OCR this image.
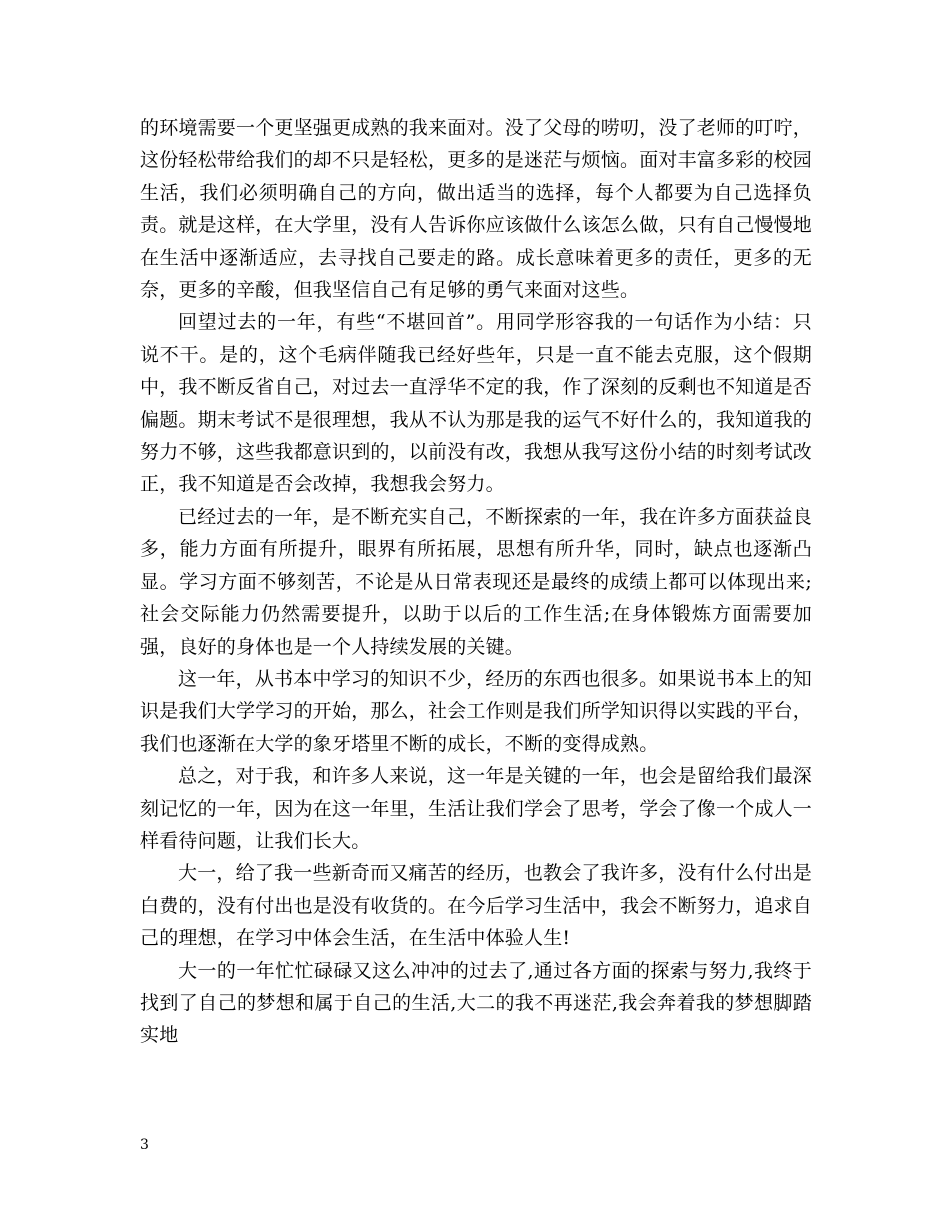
的环境需要一个更坚强更成熟的我来面对。没了父母的唠叨，没了老师的叮咛，这份轻松带给我们的却不只是轻松，更多的是迷茫与烦恼。面对丰富多彩的校园生活，我们必须明确自己的方向，做出适当的选择，每个人都要为自己选择负责。就是这样，在大学里，没有人告诉你应该做什么该怎么做，只有自己慢慢地在生活中逐渐适应，去寻找自己要走的路。成长意味着更多的责任，更多的无奈，更多的辛酸，但我坚信自己有足够的勇气来面对这些。

回望过去的一年，有些“不堪回首”。用同学形容我的一句话作为小结：只说不干。是的，这个毛病伴随我已经好些年，只是一直不能去克服，这个假期中，我不断反省自己，对过去一直浮华不定的我，作了深刻的反剩也不知道是否偏题。期末考试不是很理想，我从不认为那是我的运气不好什么的，我知道我的努力不够，这些我都意识到的，以前没有改，我想从我写这份小结的时刻考试改正，我不知道是否会改掉，我想我会努力。

已经过去的一年，是不断充实自己，不断探索的一年，我在许多方面获益良多，能力方面有所提升，眼界有所拓展，思想有所升华，同时，缺点也逐渐凸显。学习方面不够刻苦，不论是从日常表现还是最终的成绩上都可以体现出来;社会交际能力仍然需要提升，以助于以后的工作生活;在身体锻炼方面需要加强，良好的身体也是一个人持续发展的关键。

这一年，从书本中学习的知识不少，经历的东西也很多。如果说书本上的知识是我们大学学习的开始，那么，社会工作则是我们所学知识得以实践的平台，我们也逐渐在大学的象牙塔里不断的成长，不断的变得成熟。

总之，对于我，和许多人来说，这一年是关键的一年，也会是留给我们最深刻记忆的一年，因为在这一年里，生活让我们学会了思考，学会了像一个成人一样看待问题，让我们长大。

大一，给了我一些新奇而又痛苦的经历，也教会了我许多，没有什么付出是白费的，没有付出也是没有收货的。在今后学习生活中，我会不断努力，追求自己的理想，在学习中体会生活，在生活中体验人生!

大一的一年忙忙碌碌又这么冲冲的过去了,通过各方面的探索与努力,我终于找到了自己的梦想和属于自己的生活,大二的我不再迷茫,我会奔着我的梦想脚踏实地

3
